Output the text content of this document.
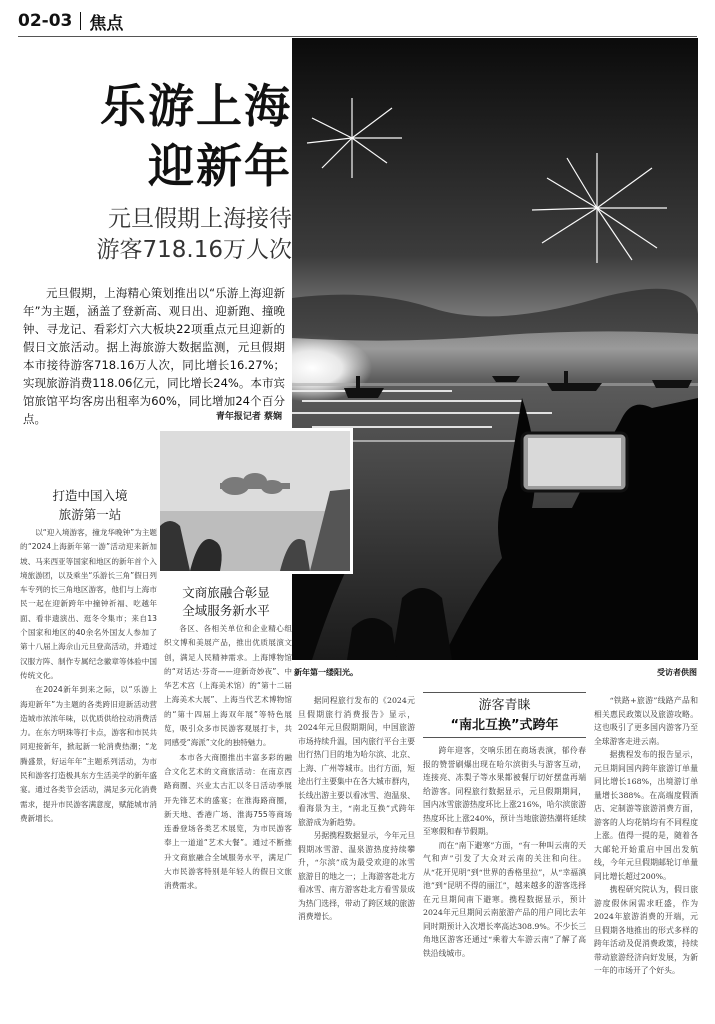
02-03 焦点
乐游上海
迎新年
元旦假期上海接待
游客718.16万人次

元旦假期，上海精心策划推出以“乐游上海迎新年”为主题，涵盖了登新高、观日出、迎新跑、撞晚钟、寻龙记、看彩灯六大板块22项重点元旦迎新的假日文旅活动。据上海旅游大数据监测，元旦假期本市接待游客718.16万人次，同比增长16.27%；实现旅游消费118.06亿元，同比增长24%。本市宾馆旅馆平均客房出租率为60%，同比增加24个百分点。	青年报记者 蔡娴
新年第一缕阳光。	受访者供图
打造中国入境
旅游第一站

以“迎入境游客，撞龙华晚钟”为主题的“2024上海新年第一游”活动迎来新加坡、马来西亚等国家和地区的新年首个入境旅游团，以及乘坐“乐游长三角”假日列车专列的长三角地区游客，他们与上海市民一起在迎新跨年中撞钟祈福、吃越年面、看非遗演出、逛冬令集市；来自13个国家和地区的40余名外国友人参加了第十八届上海佘山元旦登高活动，并通过汉服方阵、制作专属纪念徽章等体验中国传统文化。

在2024新年到来之际，以“乐游上海迎新年”为主题的各类跨旧迎新活动营造城市浓浓年味，以优质供给拉动消费活力。在东方明珠等打卡点，游客和市民共同迎接新年，掀起新一轮消费热潮；“龙腾盛景，好运年年”主题系列活动，为市民和游客打造极具东方生活美学的新年盛宴。通过各类节会活动，满足多元化消费需求，提升市民游客满意度，赋能城市消费新增长。

文商旅融合彰显
全域服务新水平

各区、各相关单位和企业精心组织文博和美展产品，推出优质展演文创，满足人民精神需求。上海博物馆的“对话达·芬奇——迎新奇妙夜”、中华艺术宫（上海美术馆）的“第十二届上海美术大展”、上海当代艺术博物馆的“第十四届上海双年展”等特色展览，吸引众多市民游客观展打卡，共同感受“海派”文化的独特魅力。

本市各大商圈推出丰富多彩的融合文化艺术的文商旅活动：在南京西路商圈、兴业太古汇以冬日活动季展开先锋艺术的盛宴；在淮海路商圈，新天地、香港广场、淮海755等商场连番登场各类艺术展览，为市民游客奉上一道道“艺术大餐”。通过不断推升文商旅融合全域服务水平，满足广大市民游客特别是年轻人的假日文旅消费需求。

据同程旅行发布的《2024元旦假期旅行消费报告》显示，2024年元旦假期期间，中国旅游市场持续升温，国内旅行平台主要出行热门目的地为哈尔滨、北京、上海、广州等城市。出行方面，短途出行主要集中在各大城市群内，长线出游主要以看冰雪、泡温泉、看海景为主，“南北互换”式跨年旅游成为新趋势。

另据携程数据显示，今年元旦假期冰雪游、温泉游热度持续攀升，“尔滨”成为最受欢迎的冰雪旅游目的地之一；上海游客赴北方看冰雪、南方游客赴北方看雪景成为热门选择，带动了跨区域的旅游消费增长。

游客青睐
“南北互换”式跨年

跨年迎客，交响乐团在商场表演，郁伶春报的赞誉刷爆出现在哈尔滨街头与游客互动，连接亮、冻梨子等水果都被餐厅切好摆盘再端给游客。同程旅行数据显示，元旦假期期间，国内冰雪旅游热度环比上涨216%，哈尔滨旅游热度环比上涨240%，预计当地旅游热潮将延续至寒假和春节假期。

而在“南下避寒”方面，“有一种叫云南的天气和声”引发了大众对云南的关注和向往。从“花开见明”到“世界的香格里拉”，从“幸福滇池”到“昆明不得的丽江”，越来越多的游客选择在元旦期间南下避寒。携程数据显示，预计2024年元旦期间云南旅游产品的用户同比去年同时期预计入次增长率高达308.9%。不少长三角地区游客还通过“乘着大车游云南”了解了高铁沿线城市。

“铁路+旅游”线路产品和相关惠民政策以及旅游攻略。这也吸引了更多国内游客乃至全球游客走进云南。

据携程发布的报告显示，元旦期间国内跨年旅游订单量同比增长168%，出境游订单量增长388%。在高端度假酒店、定制游等旅游消费方面，游客的人均花销均有不同程度上涨。值得一提的是，随着各大邮轮开始重启中国出发航线，今年元旦假期邮轮订单量同比增长超过200%。

携程研究院认为，假日旅游度假休闲需求旺盛，作为2024年旅游消费的开端，元旦假期各地推出的形式多样的跨年活动及促消费政策，持续带动旅游经济向好发展，为新一年的市场开了个好头。
